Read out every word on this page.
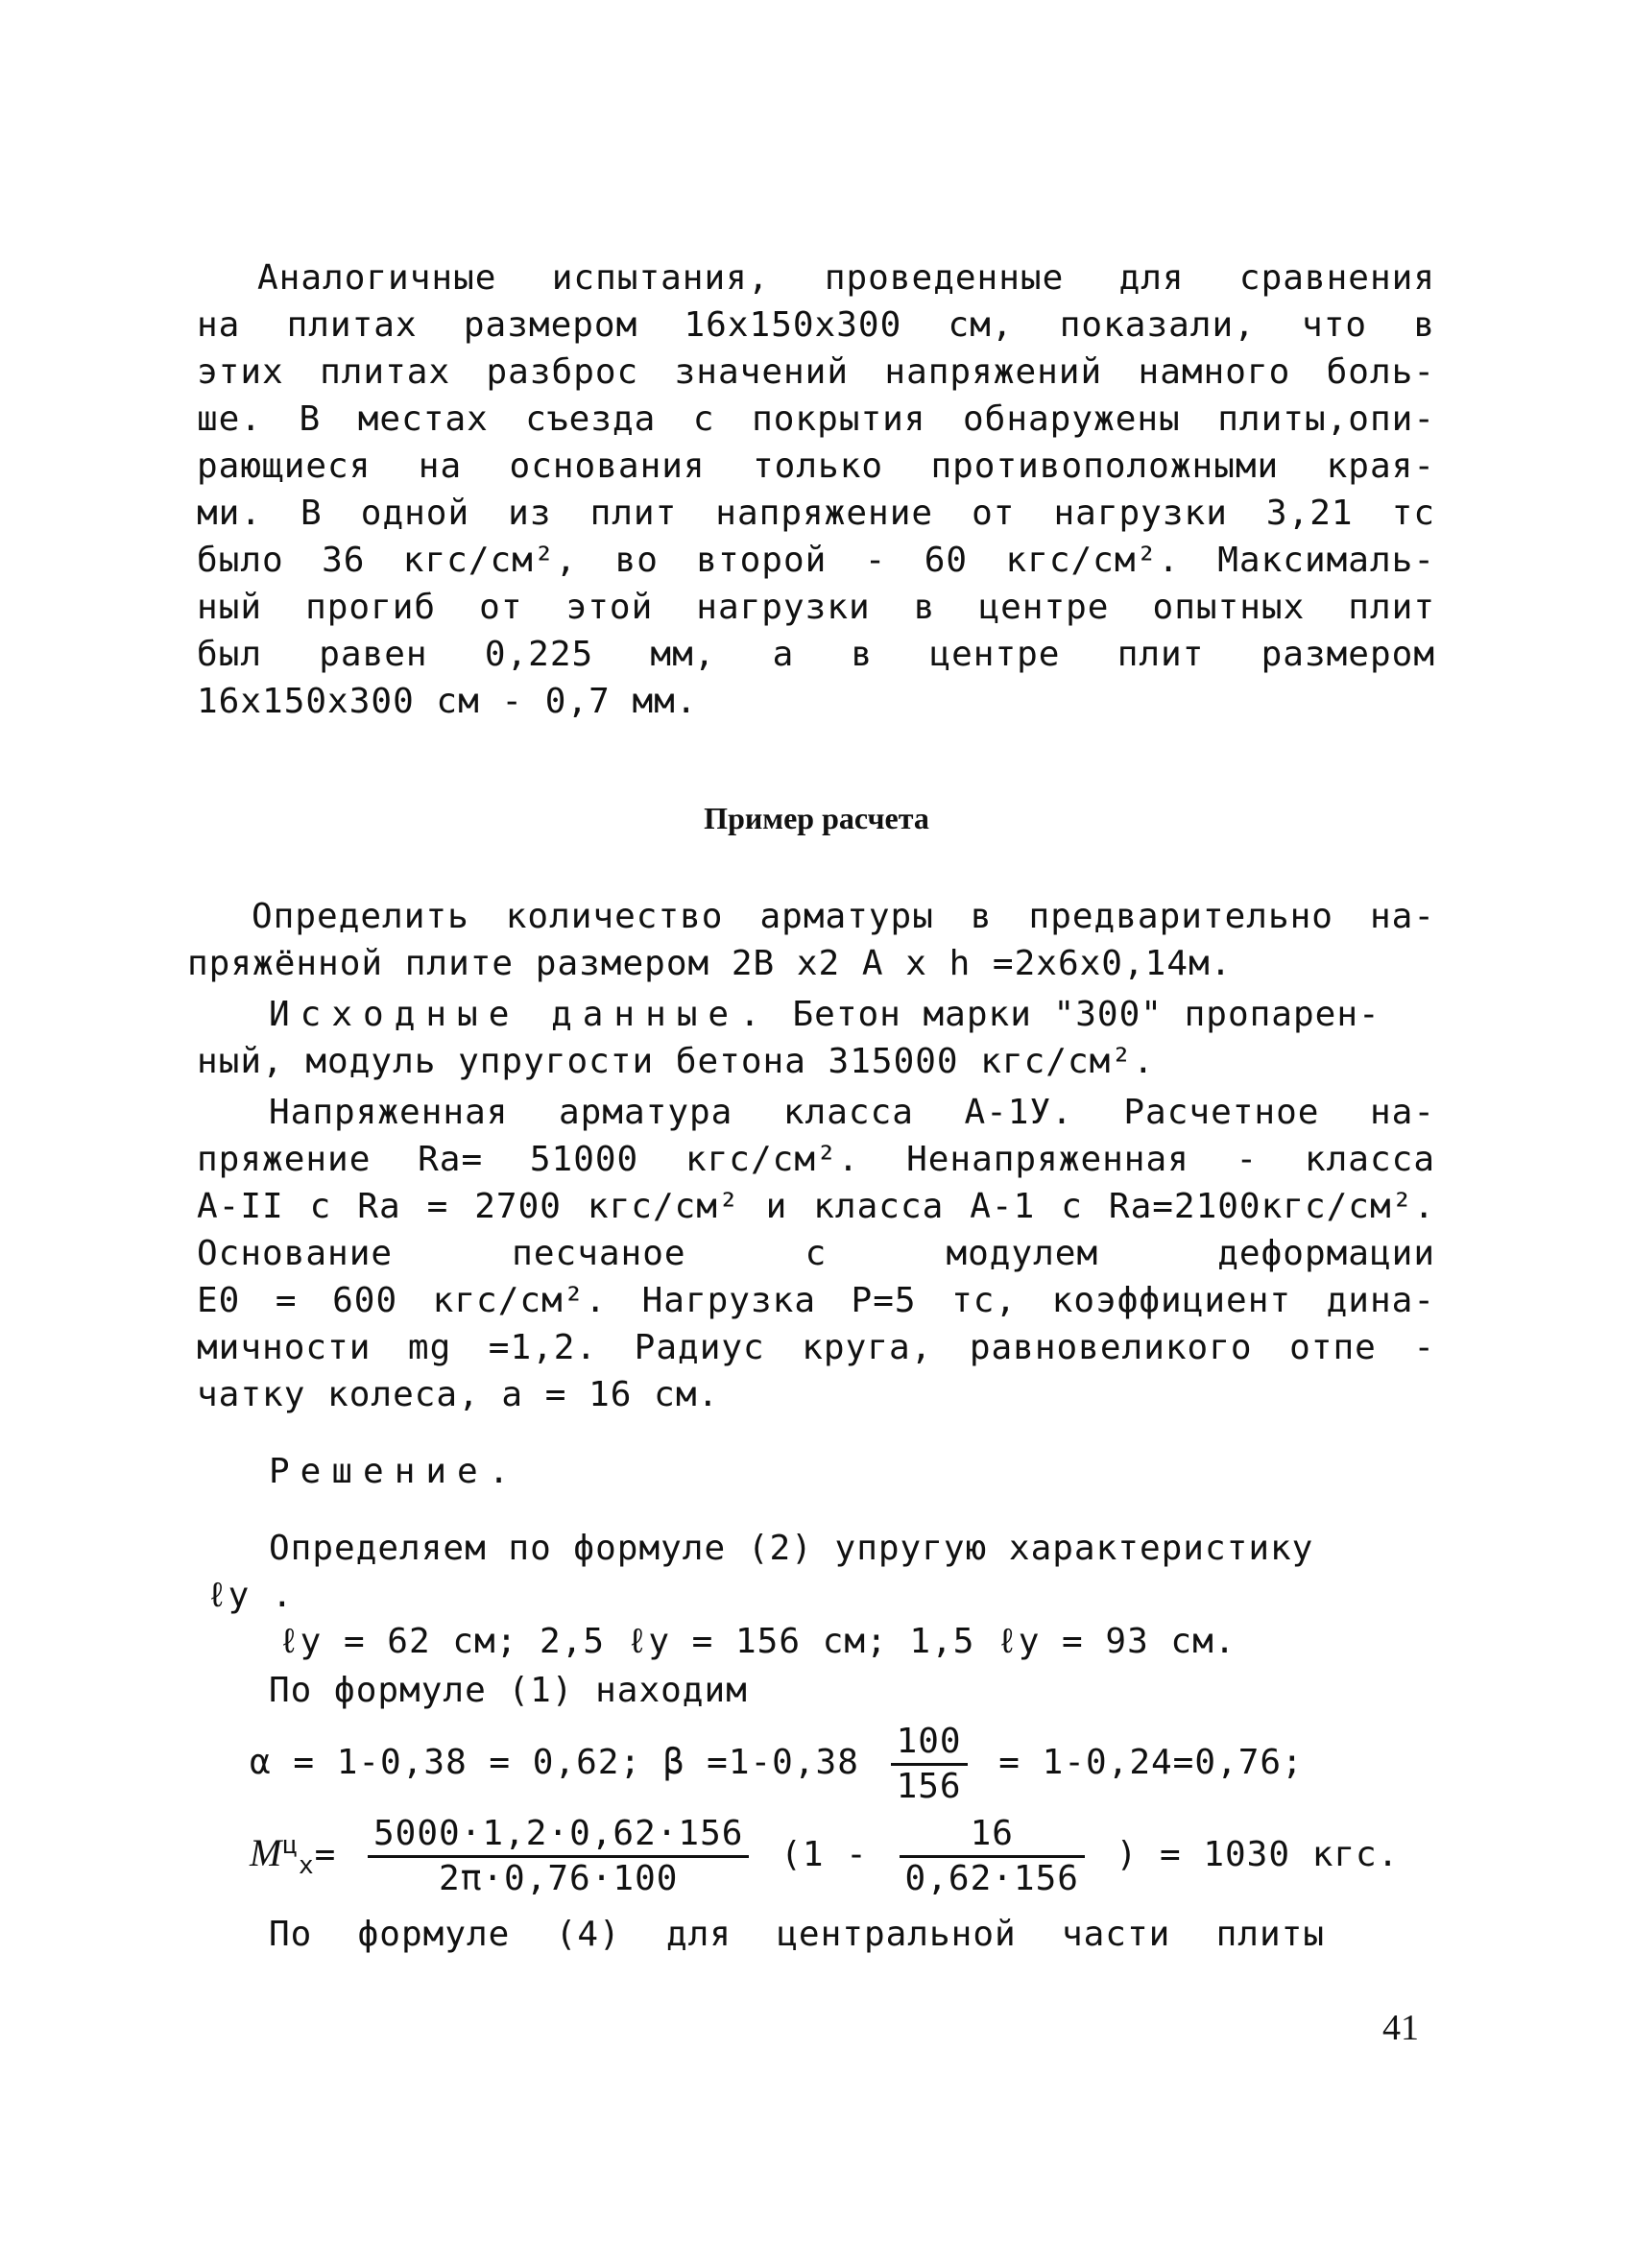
Аналогичные испытания, проведенные для сравнения
на плитах размером 16x150x300 см, показали, что в
этих плитах разброс значений напряжений намного боль-
ше. В местах съезда с покрытия обнаружены плиты,опи-
рающиеся на основания только противоположными края-
ми. В одной из плит напряжение от нагрузки 3,21 тс
было 36 кгс/см², во второй - 60 кгс/см². Максималь-
ный прогиб от этой нагрузки в центре опытных плит
был равен 0,225 мм, а в центре плит размером
16x150x300 см - 0,7 мм.
Пример расчета
Определить количество арматуры в предварительно на-
пряжённой плите размером 2В x2 А x h =2x6x0,14м.
Исходные данные. Бетон марки "300" пропарен-
ный, модуль упругости бетона 315000 кгс/см².
Напряженная арматура класса А-1У. Расчетное на-
пряжение Ra= 51000 кгс/см². Ненапряженная - класса
А-II с Ra = 2700 кгс/см² и класса А-1 с Ra=2100кгс/см².
Основание песчаное с модулем деформации
E0 = 600 кгс/см². Нагрузка P=5 тс, коэффициент дина-
мичности mg =1,2. Радиус круга, равновеликого отпе -
чатку колеса, a = 16 см.
Решение.
Определяем по формуле (2) упругую характеристику
ℓy .
ℓy = 62 см; 2,5 ℓy = 156 см; 1,5 ℓy = 93 см.
По формуле (1) находим
α = 1-0,38 = 0,62; $\beta =1-0,38 \frac{100}{156} = 1-0,24=0,76$;
$M^ц_x= \frac{5000\cdot 1,2\cdot 0,62\cdot 156}{2\pi\cdot 0,76\cdot 100} (1 - \frac{16}{0,62\cdot 156}$ ) = 1030 кгс.
По формуле (4) для центральной части плиты
41
